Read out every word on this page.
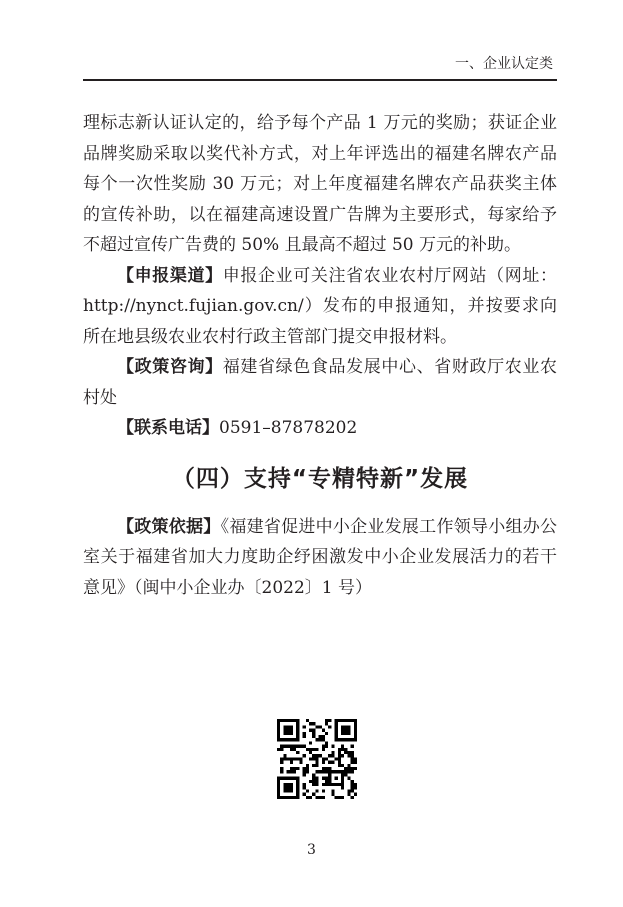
一、企业认定类

理标志新认证认定的，给予每个产品 1 万元的奖励；获证企业品牌奖励采取以奖代补方式，对上年评选出的福建名牌农产品每个一次性奖励 30 万元；对上年度福建名牌农产品获奖主体的宣传补助，以在福建高速设置广告牌为主要形式，每家给予不超过宣传广告费的 50% 且最高不超过 50 万元的补助。

【申报渠道】申报企业可关注省农业农村厅网站（网址：http://nynct.fujian.gov.cn/）发布的申报通知，并按要求向所在地县级农业农村行政主管部门提交申报材料。

【政策咨询】福建省绿色食品发展中心、省财政厅农业农村处

【联系电话】0591–87878202

（四）支持“专精特新”发展

【政策依据】《福建省促进中小企业发展工作领导小组办公室关于福建省加大力度助企纾困激发中小企业发展活力的若干意见》（闽中小企业办〔2022〕1 号）

3
